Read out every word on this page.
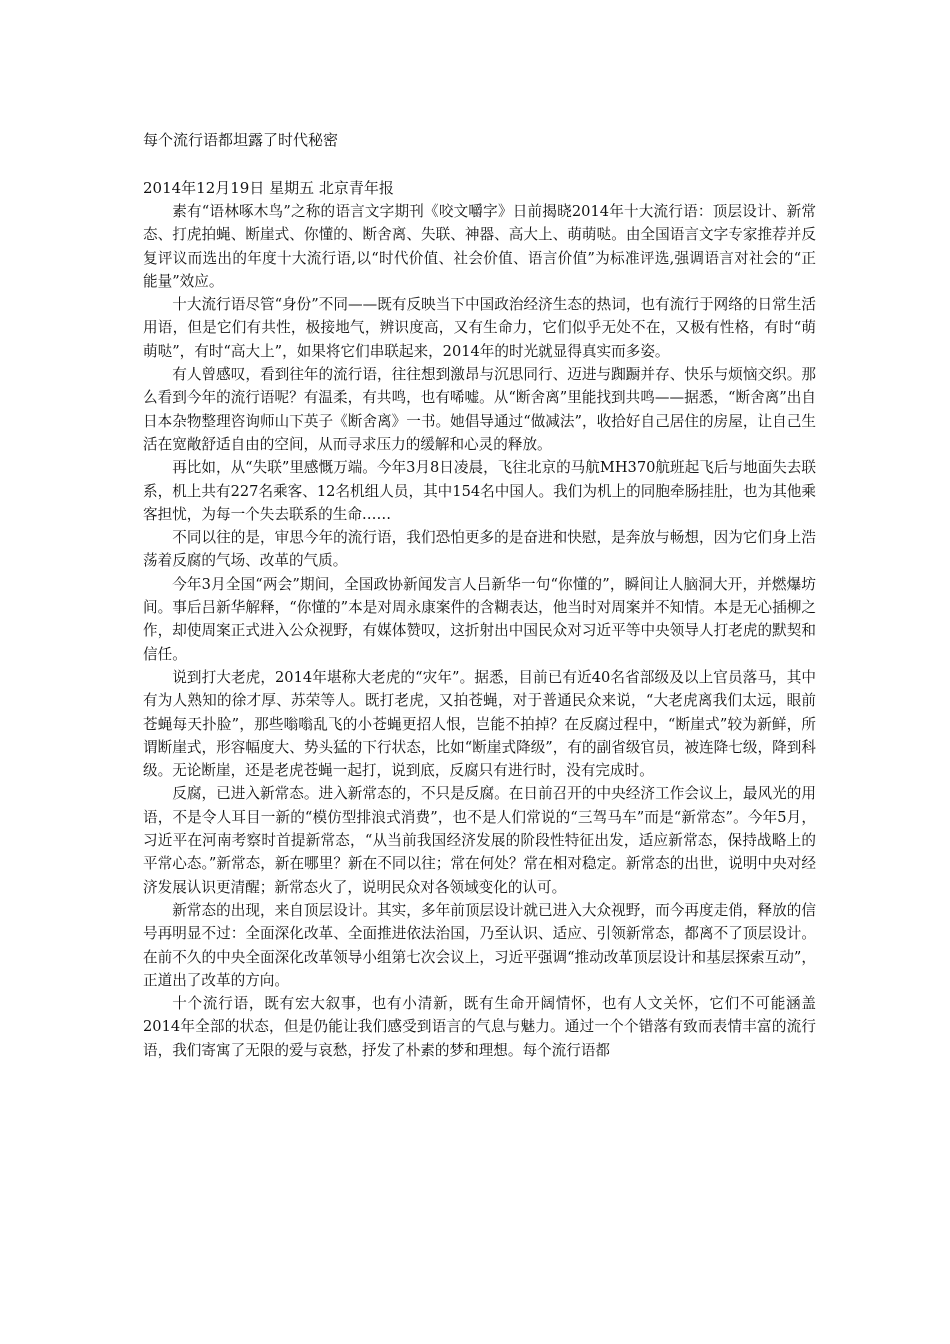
每个流行语都坦露了时代秘密
2014年12月19日 星期五 北京青年报

素有“语林啄木鸟”之称的语言文字期刊《咬文嚼字》日前揭晓2014年十大流行语：顶层设计、新常态、打虎拍蝇、断崖式、你懂的、断舍离、失联、神器、高大上、萌萌哒。由全国语言文字专家推荐并反复评议而选出的年度十大流行语,以“时代价值、社会价值、语言价值”为标准评选,强调语言对社会的“正能量”效应。

十大流行语尽管“身份”不同——既有反映当下中国政治经济生态的热词，也有流行于网络的日常生活用语，但是它们有共性，极接地气，辨识度高，又有生命力，它们似乎无处不在，又极有性格，有时“萌萌哒”，有时“高大上”，如果将它们串联起来，2014年的时光就显得真实而多姿。

有人曾感叹，看到往年的流行语，往往想到激昂与沉思同行、迈进与踟蹰并存、快乐与烦恼交织。那么看到今年的流行语呢？有温柔，有共鸣，也有唏嘘。从“断舍离”里能找到共鸣——据悉，“断舍离”出自日本杂物整理咨询师山下英子《断舍离》一书。她倡导通过“做减法”，收拾好自己居住的房屋，让自己生活在宽敞舒适自由的空间，从而寻求压力的缓解和心灵的释放。

再比如，从“失联”里感慨万端。今年3月8日凌晨，飞往北京的马航MH370航班起飞后与地面失去联系，机上共有227名乘客、12名机组人员，其中154名中国人。我们为机上的同胞牵肠挂肚，也为其他乘客担忧，为每一个失去联系的生命……

不同以往的是，审思今年的流行语，我们恐怕更多的是奋进和快慰，是奔放与畅想，因为它们身上浩荡着反腐的气场、改革的气质。

今年3月全国“两会”期间，全国政协新闻发言人吕新华一句“你懂的”，瞬间让人脑洞大开，并燃爆坊间。事后吕新华解释，“你懂的”本是对周永康案件的含糊表达，他当时对周案并不知情。本是无心插柳之作，却使周案正式进入公众视野，有媒体赞叹，这折射出中国民众对习近平等中央领导人打老虎的默契和信任。

说到打大老虎，2014年堪称大老虎的“灾年”。据悉，目前已有近40名省部级及以上官员落马，其中有为人熟知的徐才厚、苏荣等人。既打老虎，又拍苍蝇，对于普通民众来说，“大老虎离我们太远，眼前苍蝇每天扑脸”，那些嗡嗡乱飞的小苍蝇更招人恨，岂能不拍掉？在反腐过程中，“断崖式”较为新鲜，所谓断崖式，形容幅度大、势头猛的下行状态，比如“断崖式降级”，有的副省级官员，被连降七级，降到科级。无论断崖，还是老虎苍蝇一起打，说到底，反腐只有进行时，没有完成时。

反腐，已进入新常态。进入新常态的，不只是反腐。在日前召开的中央经济工作会议上，最风光的用语，不是令人耳目一新的“模仿型排浪式消费”，也不是人们常说的“三驾马车”而是“新常态”。今年5月，习近平在河南考察时首提新常态，“从当前我国经济发展的阶段性特征出发，适应新常态，保持战略上的平常心态。”新常态，新在哪里？新在不同以往；常在何处？常在相对稳定。新常态的出世，说明中央对经济发展认识更清醒；新常态火了，说明民众对各领域变化的认可。

新常态的出现，来自顶层设计。其实，多年前顶层设计就已进入大众视野，而今再度走俏，释放的信号再明显不过：全面深化改革、全面推进依法治国，乃至认识、适应、引领新常态，都离不了顶层设计。在前不久的中央全面深化改革领导小组第七次会议上，习近平强调“推动改革顶层设计和基层探索互动”，正道出了改革的方向。

十个流行语，既有宏大叙事，也有小清新，既有生命开阔情怀，也有人文关怀，它们不可能涵盖2014年全部的状态，但是仍能让我们感受到语言的气息与魅力。通过一个个错落有致而表情丰富的流行语，我们寄寓了无限的爱与哀愁，抒发了朴素的梦和理想。每个流行语都
